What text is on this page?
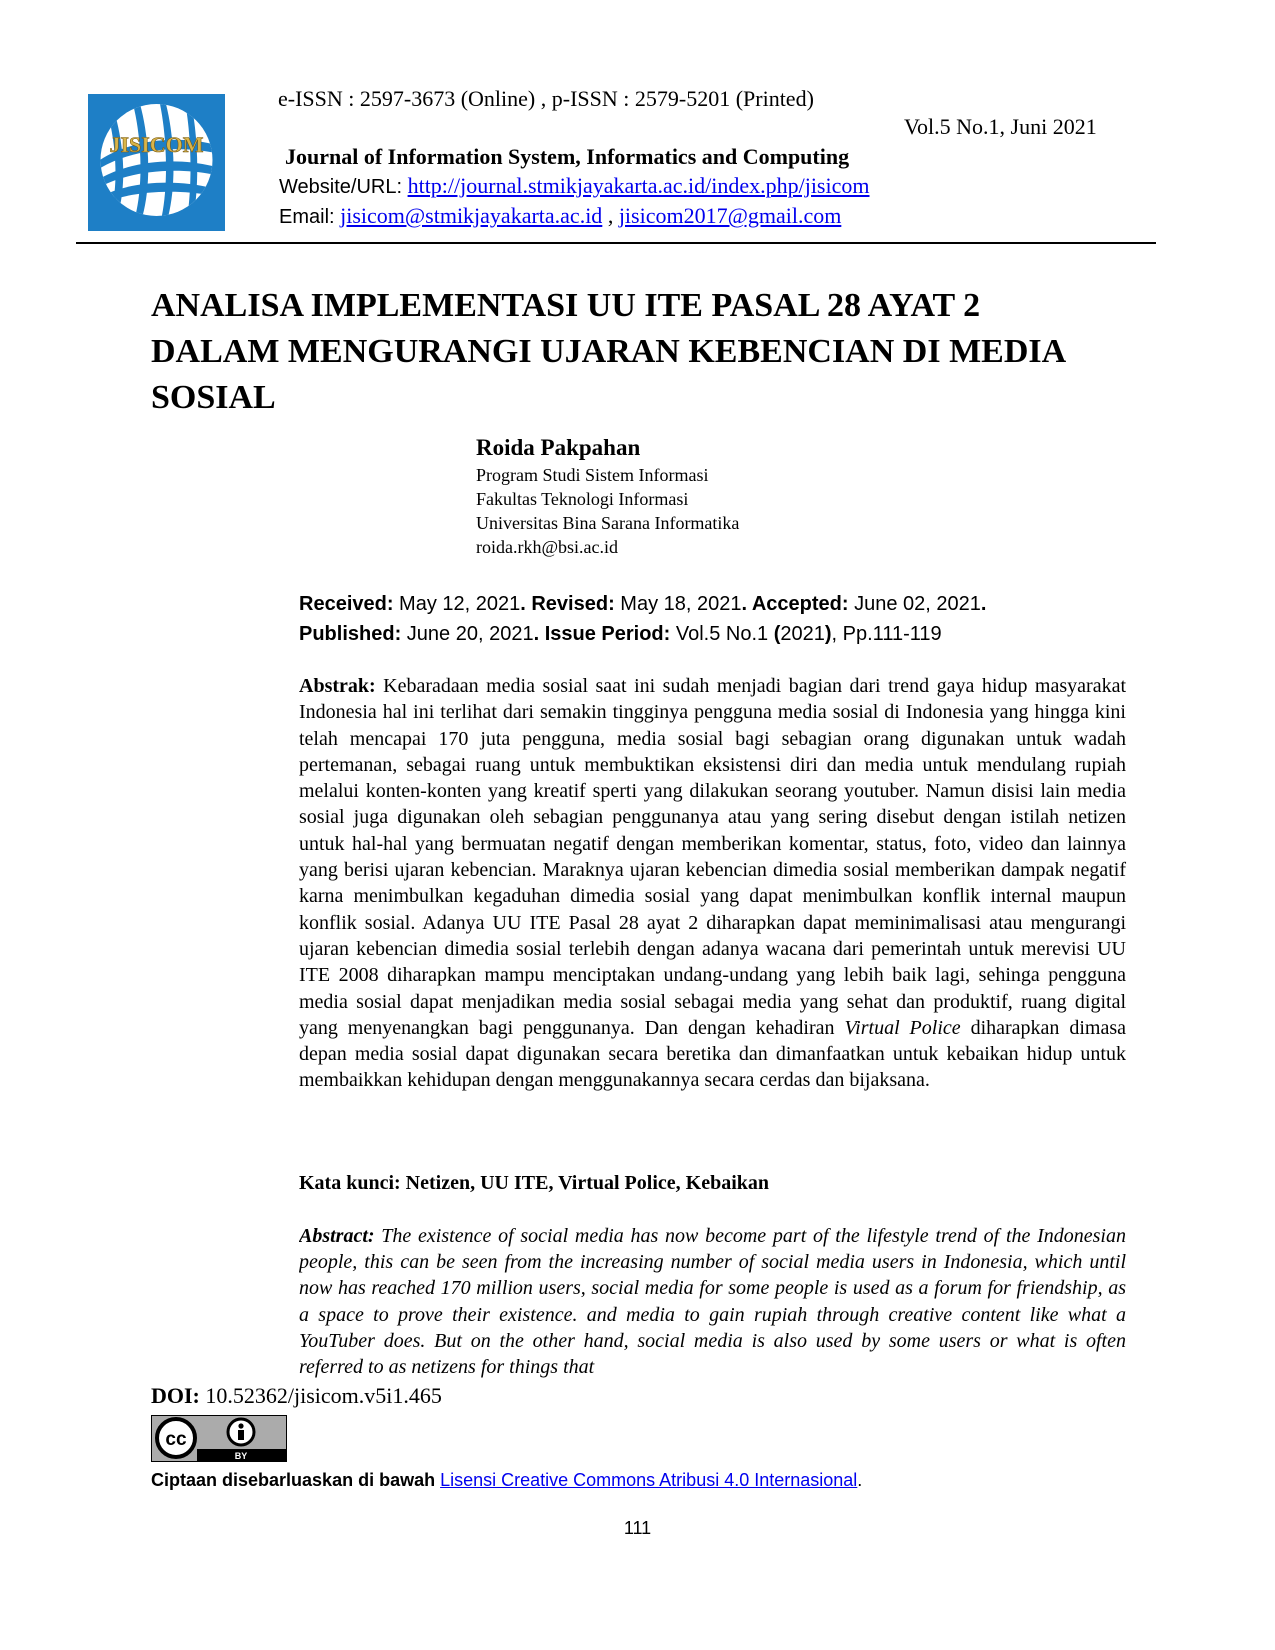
JISICOM
e-ISSN : 2597-3673 (Online) , p-ISSN : 2579-5201 (Printed)
Vol.5 No.1, Juni 2021
Journal of Information System, Informatics and Computing
Website/URL: http://journal.stmikjayakarta.ac.id/index.php/jisicom
Email: jisicom@stmikjayakarta.ac.id , jisicom2017@gmail.com
ANALISA IMPLEMENTASI UU ITE PASAL 28 AYAT 2
DALAM MENGURANGI UJARAN KEBENCIAN DI MEDIA
SOSIAL
Roida Pakpahan
Program Studi Sistem Informasi
Fakultas Teknologi Informasi
Universitas Bina Sarana Informatika
roida.rkh@bsi.ac.id
Received: May 12, 2021. Revised: May 18, 2021. Accepted: June 02, 2021.
Published: June 20, 2021. Issue Period: Vol.5 No.1 (2021), Pp.111-119
Abstrak: Kebaradaan media sosial saat ini sudah menjadi bagian dari trend gaya hidup masyarakat Indonesia hal ini terlihat dari semakin tingginya pengguna media sosial di Indonesia yang hingga kini telah mencapai 170 juta pengguna, media sosial bagi sebagian orang digunakan untuk wadah pertemanan, sebagai ruang untuk membuktikan eksistensi diri dan media untuk mendulang rupiah melalui konten-konten yang kreatif sperti yang dilakukan seorang youtuber. Namun disisi lain media sosial juga digunakan oleh sebagian penggunanya atau yang sering disebut dengan istilah netizen untuk hal-hal yang bermuatan negatif dengan memberikan komentar, status, foto, video dan lainnya yang berisi ujaran kebencian. Maraknya ujaran kebencian dimedia sosial memberikan dampak negatif karna menimbulkan kegaduhan dimedia sosial yang dapat menimbulkan konflik internal maupun konflik sosial. Adanya UU ITE Pasal 28 ayat 2 diharapkan dapat meminimalisasi atau mengurangi ujaran kebencian dimedia sosial terlebih dengan adanya wacana dari pemerintah untuk merevisi UU ITE 2008 diharapkan mampu menciptakan undang-undang yang lebih baik lagi, sehinga pengguna media sosial dapat menjadikan media sosial sebagai media yang sehat dan produktif, ruang digital yang menyenangkan bagi penggunanya. Dan dengan kehadiran Virtual Police diharapkan dimasa depan media sosial dapat digunakan secara beretika dan dimanfaatkan untuk kebaikan hidup untuk membaikkan kehidupan dengan menggunakannya secara cerdas dan bijaksana.
Kata kunci: Netizen, UU ITE, Virtual Police, Kebaikan
Abstract: The existence of social media has now become part of the lifestyle trend of the Indonesian people, this can be seen from the increasing number of social media users in Indonesia, which until now has reached 170 million users, social media for some people is used as a forum for friendship, as a space to prove their existence. and media to gain rupiah through creative content like what a YouTuber does. But on the other hand, social media is also used by some users or what is often referred to as netizens for things that
DOI: 10.52362/jisicom.v5i1.465
cc
BY
Ciptaan disebarluaskan di bawah Lisensi Creative Commons Atribusi 4.0 Internasional.
111
